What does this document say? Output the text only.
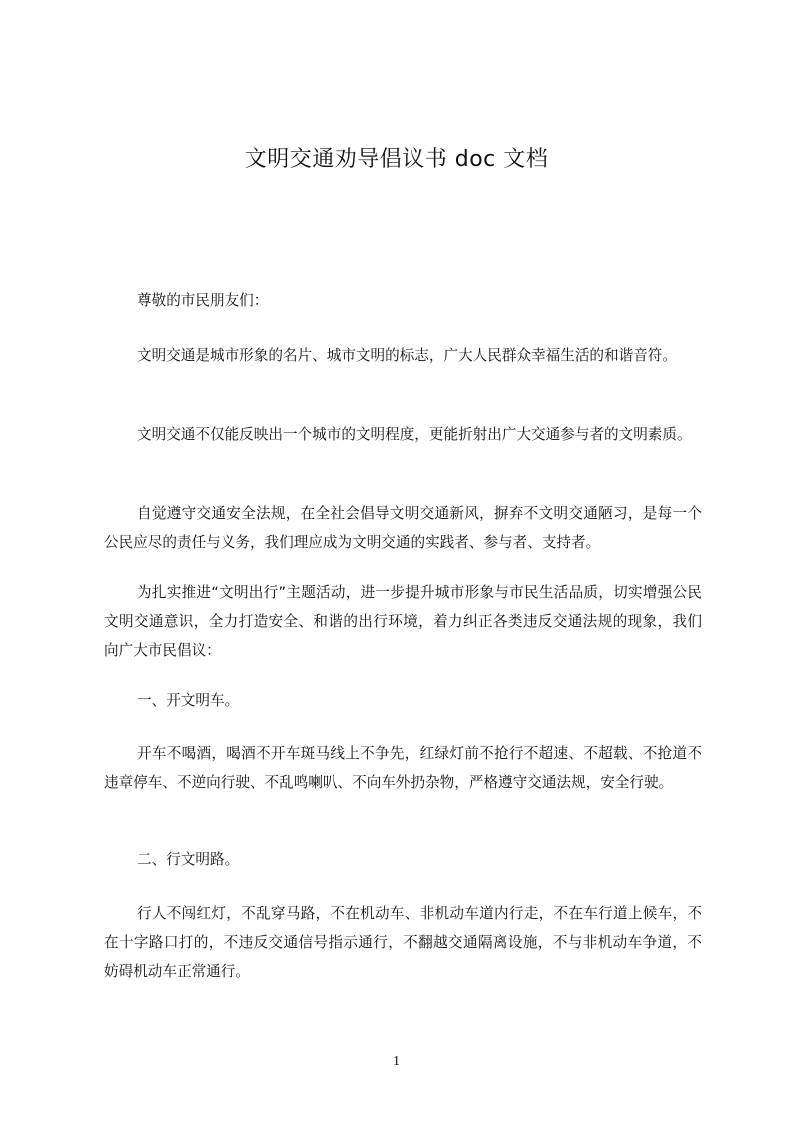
文明交通劝导倡议书 doc 文档

尊敬的市民朋友们：

文明交通是城市形象的名片、城市文明的标志，广大人民群众幸福生活的和谐音符。

文明交通不仅能反映出一个城市的文明程度，更能折射出广大交通参与者的文明素质。

自觉遵守交通安全法规，在全社会倡导文明交通新风，摒弃不文明交通陋习，是每一个公民应尽的责任与义务，我们理应成为文明交通的实践者、参与者、支持者。

为扎实推进“文明出行”主题活动，进一步提升城市形象与市民生活品质，切实增强公民文明交通意识，全力打造安全、和谐的出行环境，着力纠正各类违反交通法规的现象，我们向广大市民倡议：

一、开文明车。

开车不喝酒，喝酒不开车斑马线上不争先，红绿灯前不抢行不超速、不超载、不抢道不违章停车、不逆向行驶、不乱鸣喇叭、不向车外扔杂物，严格遵守交通法规，安全行驶。

二、行文明路。

行人不闯红灯，不乱穿马路，不在机动车、非机动车道内行走，不在车行道上候车，不在十字路口打的，不违反交通信号指示通行，不翻越交通隔离设施，不与非机动车争道，不妨碍机动车正常通行。

1
